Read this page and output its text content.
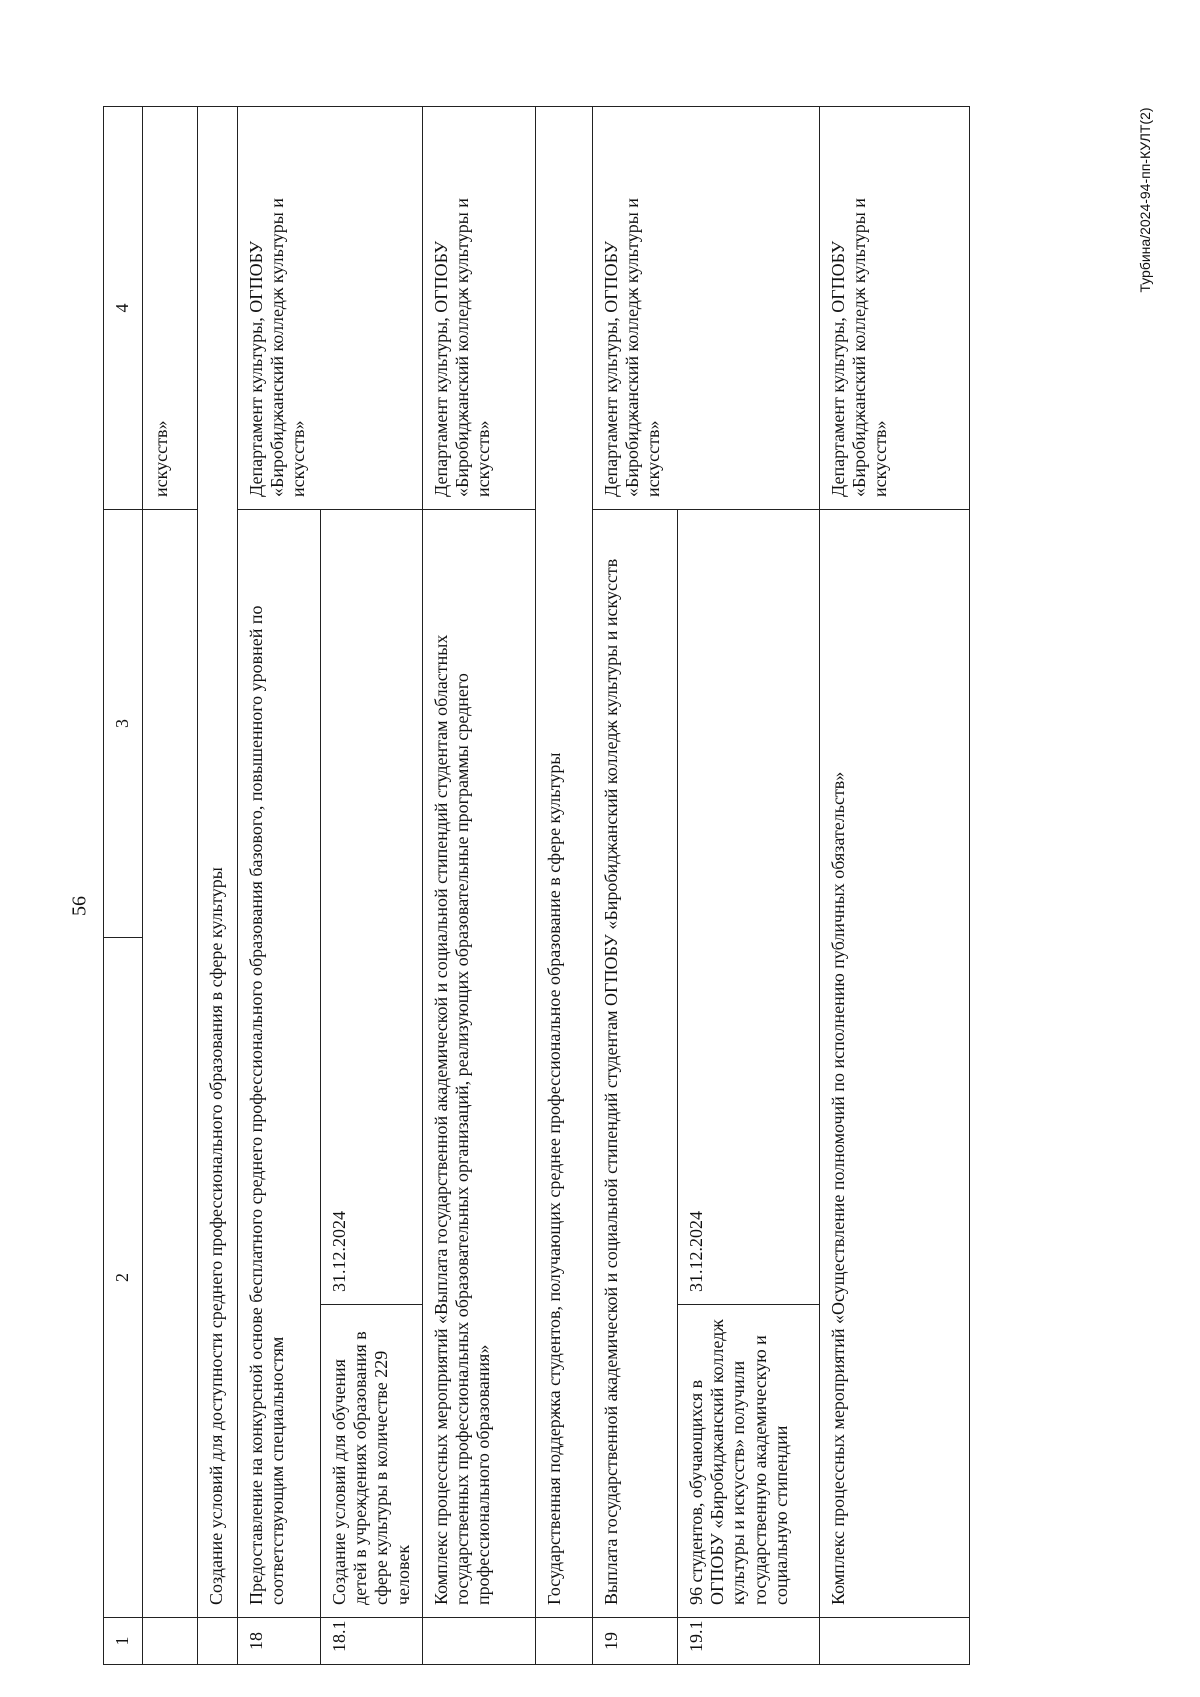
56
1	2		3	4
				искусств»
	Создание условий для доступности среднего профессионального образования в сфере культуры			
18	Предоставление на конкурсной основе бесплатного среднего профессионального образования базового, повышенного уровней по соответствующим специальностям			Департамент культуры, ОГПОБУ «Биробиджанский колледж культуры и искусств»
18.1	Создание условий для обучения детей в учреждениях образования в сфере культуры в количестве 229 человек	31.12.2024		
	Комплекс процессных мероприятий «Выплата государственной академической и социальной стипендий студентам областных государственных профессиональных образовательных организаций, реализующих образовательные программы среднего профессионального образования»			Департамент культуры, ОГПОБУ «Биробиджанский колледж культуры и искусств»
	Государственная поддержка студентов, получающих среднее профессиональное образование в сфере культуры			
19	Выплата государственной академической и социальной стипендий студентам ОГПОБУ «Биробиджанский колледж культуры и искусств			Департамент культуры, ОГПОБУ «Биробиджанский колледж культуры и искусств»
19.1	96 студентов, обучающихся в ОГПОБУ «Биробиджанский колледж культуры и искусств» получили государственную академическую и социальную стипендии	31.12.2024		
	Комплекс процессных мероприятий «Осуществление полномочий по исполнению публичных обязательств»			Департамент культуры, ОГПОБУ «Биробиджанский колледж культуры и искусств»
Турбина/2024-94-пп-КУЛТ(2)
